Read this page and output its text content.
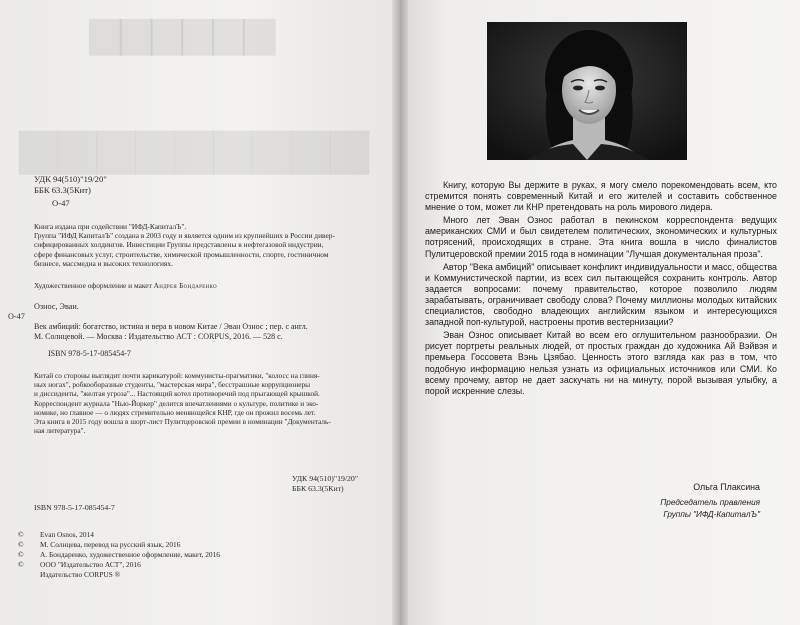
▆▆▆▆▆▆
▆▆▆▆▆▆▆▆▆
УДК 94(510)"19/20"
ББК 63.3(5Кит)
О-47
Книга издана при содействии "ИФД-КапиталЪ".
Группа "ИФД КапиталЪ" создана в 2003 году и является одним из крупнейших в России дивер-
сифицированных холдингов. Инвестиции Группы представлены в нефтегазовой индустрии,
сфере финансовых услуг, строительстве, химической промышленности, спорте, гостиничном
бизнесе, массмедиа и высоких технологиях.
Художественное оформление и макет Андрея Бондаренко
Ознос, Эван.
О-47
Век амбиций: богатство, истина и вера в новом Китае / Эван Ознос ; пер. с англ.
М. Солнцевой. — Москва : Издательство АСТ : CORPUS, 2016. — 528 с.
ISBN 978-5-17-085454-7
Китай со стороны выглядит почти карикатурой: коммунисты-прагматики, "колосс на глиня-
ных ногах", робкооборазные студенты, "мастерская мира", бесстрашные коррупционеры
и диссиденты, "желтая угроза"... Настоящий котел противоречий под прыгающей крышкой.
Корреспондент журнала "Нью-Йоркер" делится впечатлениями о культуре, политике и эко-
номике, но главное — о людях стремительно меняющейся КНР, где он прожил восемь лет.
Эта книга в 2015 году вошла в шорт-лист Пулитцеровской премии в номинации "Документаль-
ная литература".
УДК 94(510)"19/20"
ББК 63.3(5Кит)
ISBN 978-5-17-085454-7
© Evan Osnos, 2014
© М. Солнцева, перевод на русский язык, 2016
© А. Бондаренко, художественное оформление, макет, 2016
© ООО "Издательство АСТ", 2016
Издательство CORPUS ®

Книгу, которую Вы держите в руках, я могу смело порекомендовать всем, кто стремится понять современный Китай и его жителей и составить собственное мнение о том, может ли КНР претендовать на роль мирового лидера.

Много лет Эван Ознос работал в пекинском корреспондента ведущих американских СМИ и был свидетелем политических, экономических и культурных потрясений, происходящих в стране. Эта книга вошла в число финалистов Пулитцеровской премии 2015 года в номинации "Лучшая документальная проза".

Автор "Века амбиций" описывает конфликт индивидуальности и масс, общества и Коммунистической партии, из всех сил пытающейся сохранить контроль. Автор задается вопросами: почему правительство, которое позволило людям зарабатывать, ограничивает свободу слова? Почему миллионы молодых китайских специалистов, свободно владеющих английским языком и интересующихся западной поп-культурой, настроены против вестернизации?

Эван Ознос описывает Китай во всем его оглушительном разнообразии. Он рисует портреты реальных людей, от простых граждан до художника Ай Вэйвэя и премьера Госсовета Вэнь Цзябао. Ценность этого взгляда как раз в том, что подобную информацию нельзя узнать из официальных источников или СМИ. Ко всему прочему, автор не дает заскучать ни на минуту, порой вызывая улыбку, а порой искренние слезы.

Ольга Плаксина
Председатель правления
Группы "ИФД-КапиталЪ"
